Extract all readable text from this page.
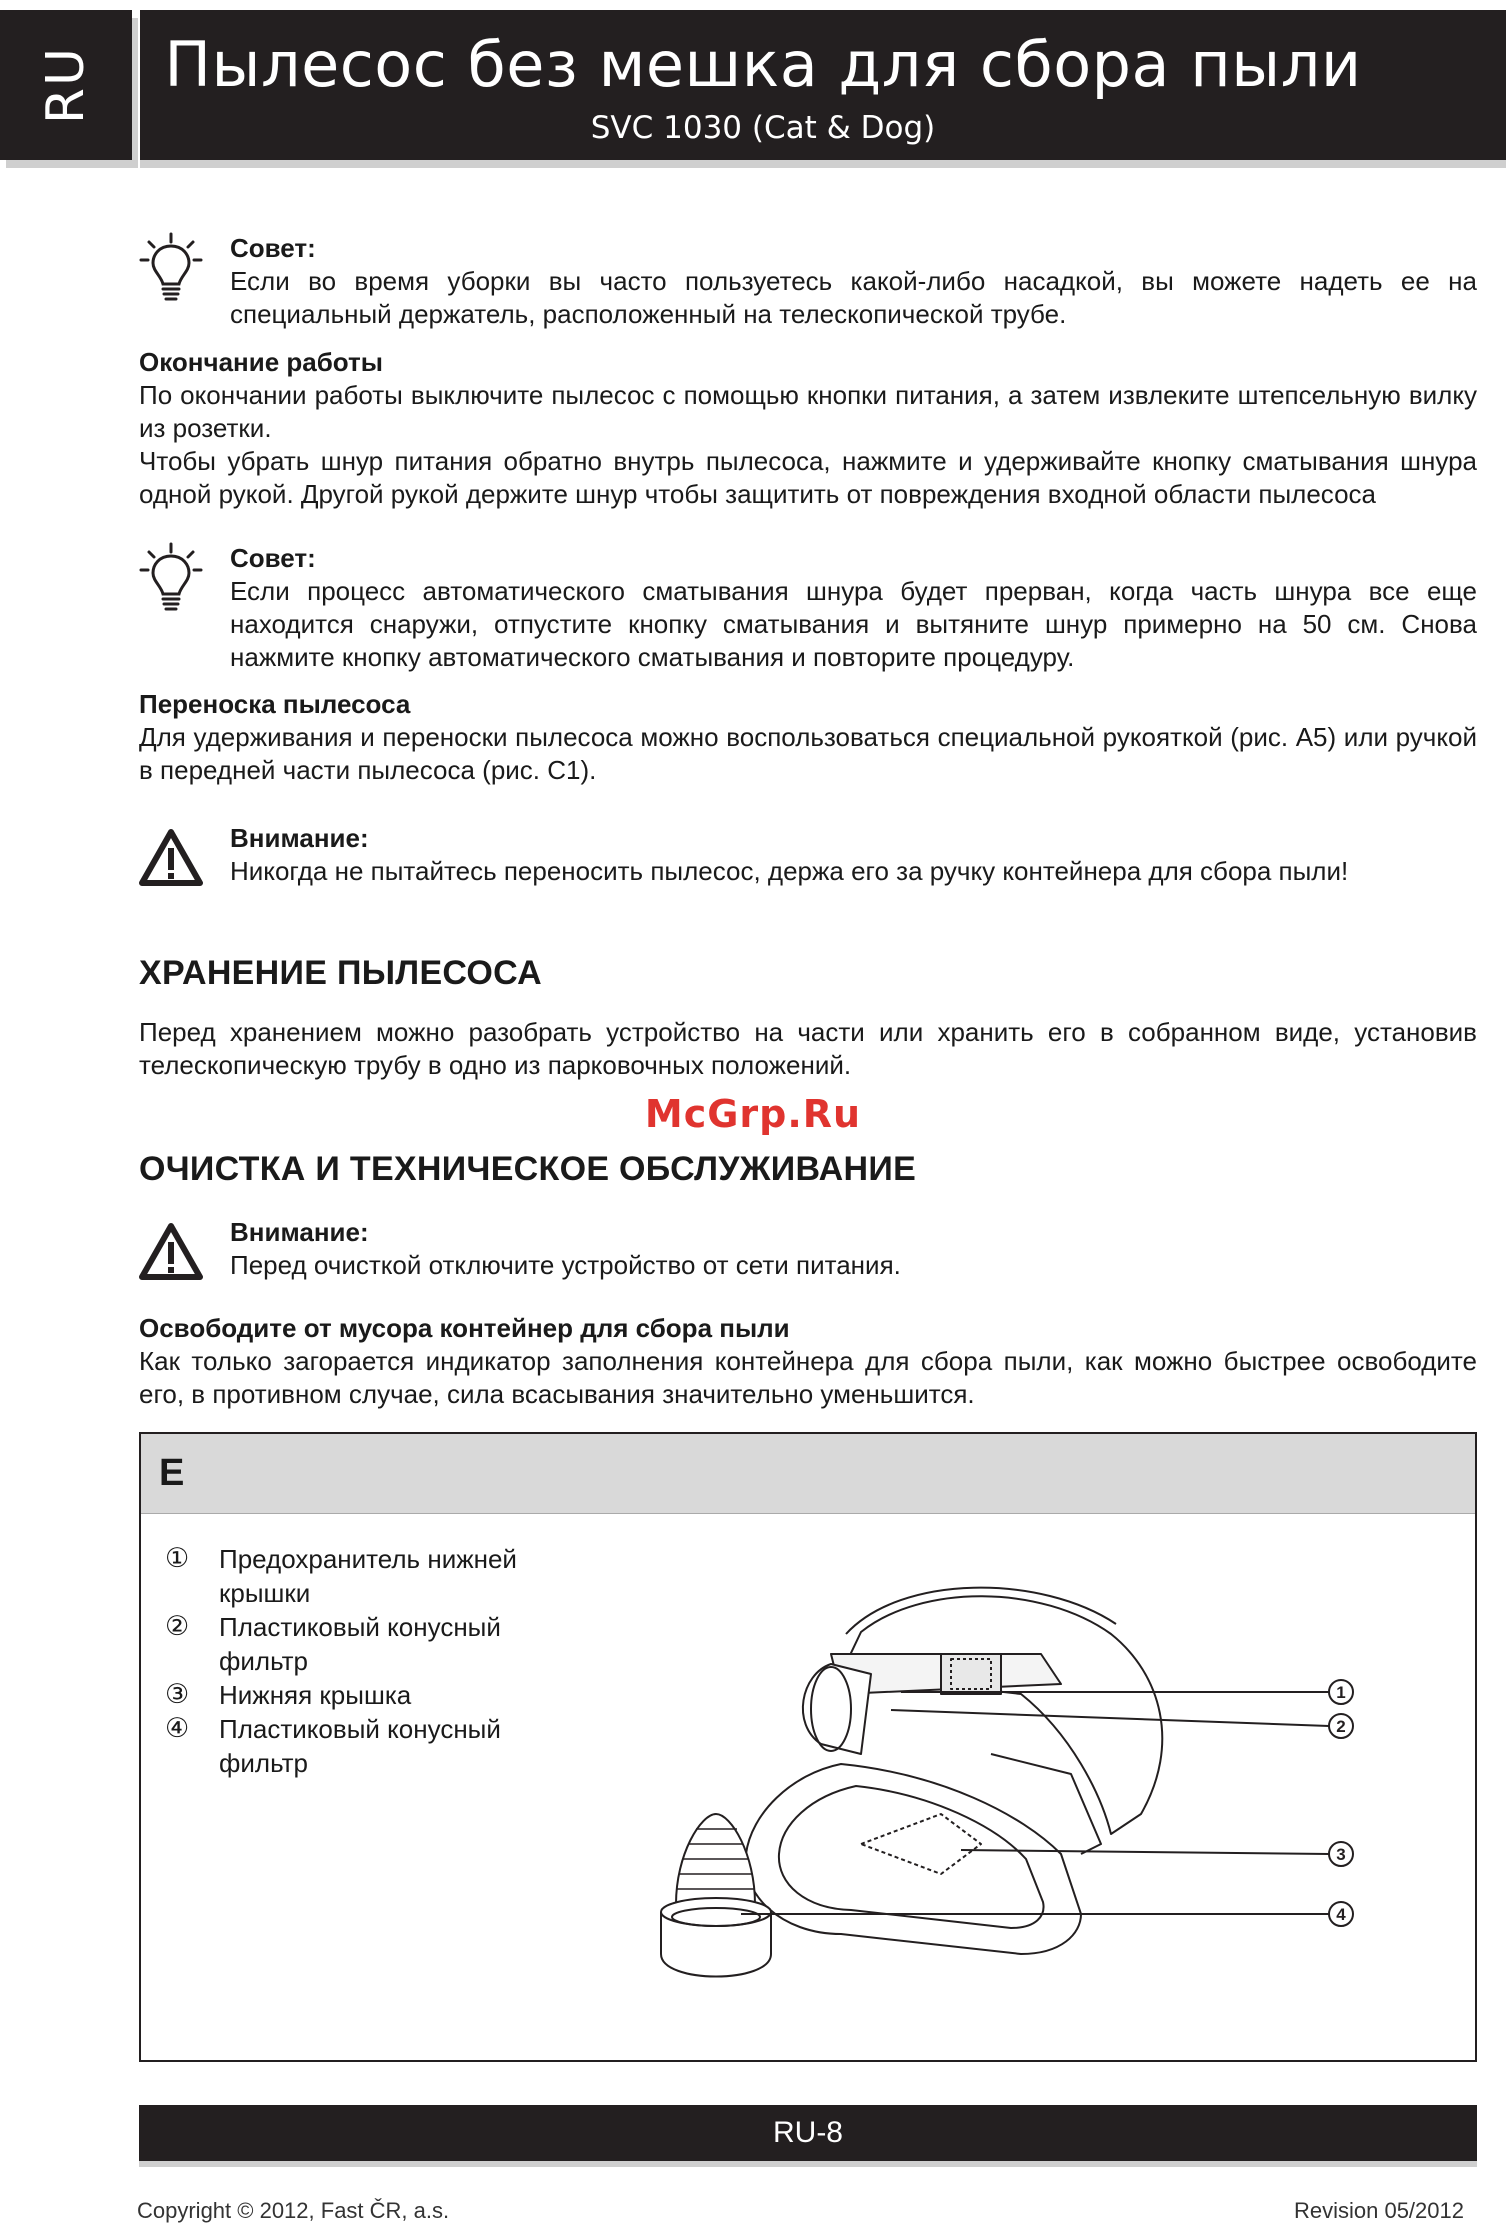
RU	Пылесос без мешка для сбора пыли
SVC 1030 (Cat & Dog)
Совет:
Если во время уборки вы часто пользуетесь какой-либо насадкой, вы можете надеть ее на специальный держатель, расположенный на телескопической трубе.
Окончание работы
По окончании работы выключите пылесос с помощью кнопки питания, а затем извлеките штепсельную вилку из розетки.
Чтобы убрать шнур питания обратно внутрь пылесоса, нажмите и удерживайте кнопку сматывания шнура одной рукой. Другой рукой держите шнур чтобы защитить от повреждения входной области пылесоса
Совет:
Если процесс автоматического сматывания шнура будет прерван, когда часть шнура все еще находится снаружи, отпустите кнопку сматывания и вытяните шнур примерно на 50 см. Снова нажмите кнопку автоматического сматывания и повторите процедуру.
Переноска пылесоса
Для удерживания и переноски пылесоса можно воспользоваться специальной рукояткой (рис. A5) или ручкой в передней части пылесоса (рис. C1).
Внимание:
Никогда не пытайтесь переносить пылесос, держа его за ручку контейнера для сбора пыли!
ХРАНЕНИЕ ПЫЛЕСОСА
Перед хранением можно разобрать устройство на части или хранить его в собранном виде, установив телескопическую трубу в одно из парковочных положений.
McGrp.Ru
ОЧИСТКА И ТЕХНИЧЕСКОЕ ОБСЛУЖИВАНИЕ
Внимание:
Перед очисткой отключите устройство от сети питания.
Освободите от мусора контейнер для сбора пыли
Как только загорается индикатор заполнения контейнера для сбора пыли, как можно быстрее освободите его, в противном случае, сила всасывания значительно уменьшится.
E
①	Предохранитель нижней крышки
②	Пластиковый конусный фильтр
③	Нижняя крышка
④	Пластиковый конусный фильтр
1
2
3
4
RU-8
Copyright © 2012, Fast ČR, a.s.	Revision 05/2012
